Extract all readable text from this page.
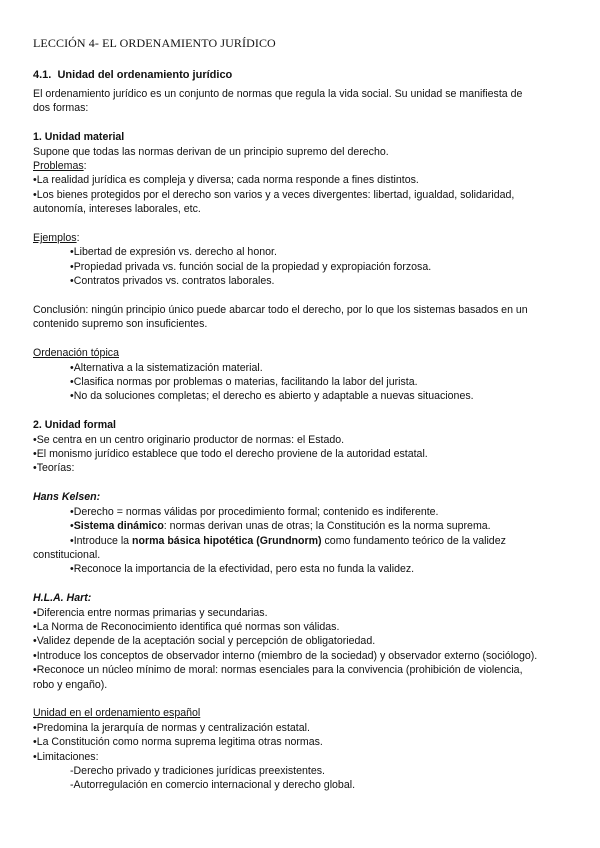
LECCIÓN 4- EL ORDENAMIENTO JURÍDICO
4.1. Unidad del ordenamiento jurídico

El ordenamiento jurídico es un conjunto de normas que regula la vida social. Su unidad se manifiesta de

dos formas:

1. Unidad material

Supone que todas las normas derivan de un principio supremo del derecho.

Problemas:

•La realidad jurídica es compleja y diversa; cada norma responde a fines distintos.

•Los bienes protegidos por el derecho son varios y a veces divergentes: libertad, igualdad, solidaridad,

autonomía, intereses laborales, etc.

Ejemplos:

•Libertad de expresión vs. derecho al honor.

•Propiedad privada vs. función social de la propiedad y expropiación forzosa.

•Contratos privados vs. contratos laborales.

Conclusión: ningún principio único puede abarcar todo el derecho, por lo que los sistemas basados en un

contenido supremo son insuficientes.

Ordenación tópica

•Alternativa a la sistematización material.

•Clasifica normas por problemas o materias, facilitando la labor del jurista.

•No da soluciones completas; el derecho es abierto y adaptable a nuevas situaciones.

2. Unidad formal

•Se centra en un centro originario productor de normas: el Estado.

•El monismo jurídico establece que todo el derecho proviene de la autoridad estatal.

•Teorías:

Hans Kelsen:

•Derecho = normas válidas por procedimiento formal; contenido es indiferente.

•Sistema dinámico: normas derivan unas de otras; la Constitución es la norma suprema.

•Introduce la norma básica hipotética (Grundnorm) como fundamento teórico de la validez

constitucional.

•Reconoce la importancia de la efectividad, pero esta no funda la validez.

H.L.A. Hart:

•Diferencia entre normas primarias y secundarias.

•La Norma de Reconocimiento identifica qué normas son válidas.

•Validez depende de la aceptación social y percepción de obligatoriedad.

•Introduce los conceptos de observador interno (miembro de la sociedad) y observador externo (sociólogo).

•Reconoce un núcleo mínimo de moral: normas esenciales para la convivencia (prohibición de violencia,

robo y engaño).

Unidad en el ordenamiento español

•Predomina la jerarquía de normas y centralización estatal.

•La Constitución como norma suprema legitima otras normas.

•Limitaciones:

-Derecho privado y tradiciones jurídicas preexistentes.

-Autorregulación en comercio internacional y derecho global.
